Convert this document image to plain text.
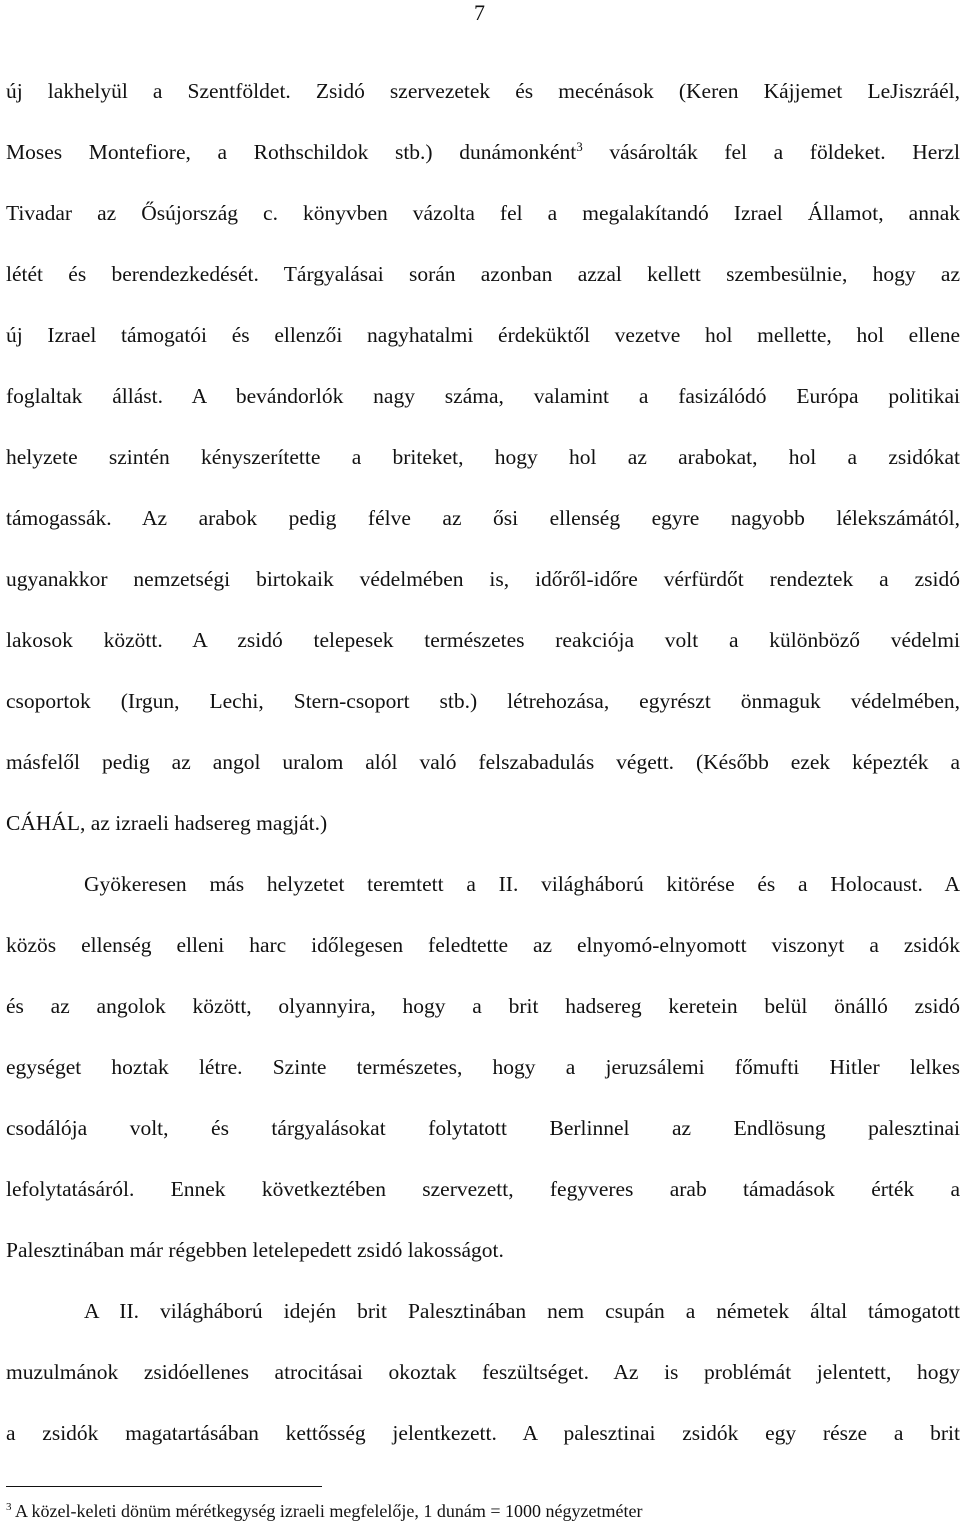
7
új lakhelyül a Szentföldet. Zsidó szervezetek és mecénások (Keren Kájjemet LeJiszráél,
Moses Montefiore, a Rothschildok stb.) dunámonként$^3$ vásárolták fel a földeket. Herzl
Tivadar az Ősújország c. könyvben vázolta fel a megalakítandó Izrael Államot, annak
létét és berendezkedését. Tárgyalásai során azonban azzal kellett szembesülnie, hogy az
új Izrael támogatói és ellenzői nagyhatalmi érdeküktől vezetve hol mellette, hol ellene
foglaltak állást. A bevándorlók nagy száma, valamint a fasizálódó Európa politikai
helyzete szintén kényszerítette a briteket, hogy hol az arabokat, hol a zsidókat
támogassák. Az arabok pedig félve az ősi ellenség egyre nagyobb lélekszámától,
ugyanakkor nemzetségi birtokaik védelmében is, időről-időre vérfürdőt rendeztek a zsidó
lakosok között. A zsidó telepesek természetes reakciója volt a különböző védelmi
csoportok (Irgun, Lechi, Stern-csoport stb.) létrehozása, egyrészt önmaguk védelmében,
másfelől pedig az angol uralom alól való felszabadulás végett. (Később ezek képezték a
CÁHÁL, az izraeli hadsereg magját.)
Gyökeresen más helyzetet teremtett a II. világháború kitörése és a Holocaust. A
közös ellenség elleni harc időlegesen feledtette az elnyomó-elnyomott viszonyt a zsidók
és az angolok között, olyannyira, hogy a brit hadsereg keretein belül önálló zsidó
egységet hoztak létre. Szinte természetes, hogy a jeruzsálemi főmufti Hitler lelkes
csodálója volt, és tárgyalásokat folytatott Berlinnel az Endlösung palesztinai
lefolytatásáról. Ennek következtében szervezett, fegyveres arab támadások érték a
Palesztinában már régebben letelepedett zsidó lakosságot.
A II. világháború idején brit Palesztinában nem csupán a németek által támogatott
muzulmánok zsidóellenes atrocitásai okoztak feszültséget. Az is problémát jelentett, hogy
a zsidók magatartásában kettősség jelentkezett. A palesztinai zsidók egy része a brit
$^3$ A közel-keleti dönüm mérétkegység izraeli megfelelője, 1 dunám = 1000 négyzetméter
